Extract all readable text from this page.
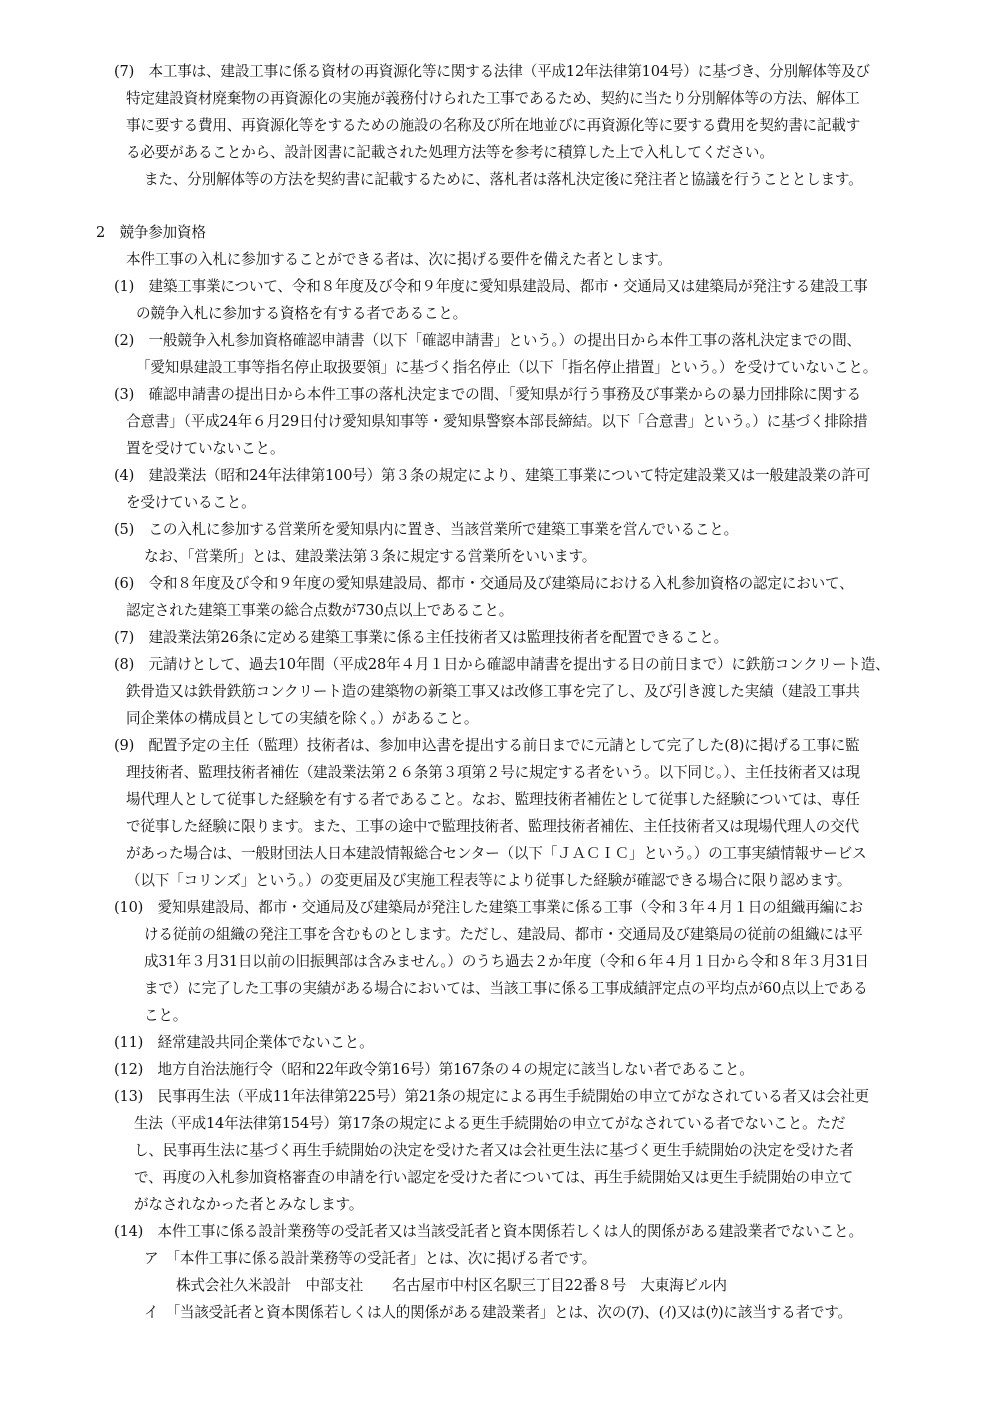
(7)　本工事は、建設工事に係る資材の再資源化等に関する法律（平成12年法律第104号）に基づき、分別解体等及び
特定建設資材廃棄物の再資源化の実施が義務付けられた工事であるため、契約に当たり分別解体等の方法、解体工
事に要する費用、再資源化等をするための施設の名称及び所在地並びに再資源化等に要する費用を契約書に記載す
る必要があることから、設計図書に記載された処理方法等を参考に積算した上で入札してください。
また、分別解体等の方法を契約書に記載するために、落札者は落札決定後に発注者と協議を行うこととします。
2　競争参加資格
本件工事の入札に参加することができる者は、次に掲げる要件を備えた者とします。
(1)　建築工事業について、令和８年度及び令和９年度に愛知県建設局、都市・交通局又は建築局が発注する建設工事
の競争入札に参加する資格を有する者であること。
(2)　一般競争入札参加資格確認申請書（以下「確認申請書」という。）の提出日から本件工事の落札決定までの間、
「愛知県建設工事等指名停止取扱要領」に基づく指名停止（以下「指名停止措置」という。）を受けていないこと。
(3)　確認申請書の提出日から本件工事の落札決定までの間、「愛知県が行う事務及び事業からの暴力団排除に関する
合意書」（平成24年６月29日付け愛知県知事等・愛知県警察本部長締結。以下「合意書」という。）に基づく排除措
置を受けていないこと。
(4)　建設業法（昭和24年法律第100号）第３条の規定により、建築工事業について特定建設業又は一般建設業の許可
を受けていること。
(5)　この入札に参加する営業所を愛知県内に置き、当該営業所で建築工事業を営んでいること。
なお、「営業所」とは、建設業法第３条に規定する営業所をいいます。
(6)　令和８年度及び令和９年度の愛知県建設局、都市・交通局及び建築局における入札参加資格の認定において、
認定された建築工事業の総合点数が730点以上であること。
(7)　建設業法第26条に定める建築工事業に係る主任技術者又は監理技術者を配置できること。
(8)　元請けとして、過去10年間（平成28年４月１日から確認申請書を提出する日の前日まで）に鉄筋コンクリート造、
鉄骨造又は鉄骨鉄筋コンクリート造の建築物の新築工事又は改修工事を完了し、及び引き渡した実績（建設工事共
同企業体の構成員としての実績を除く。）があること。
(9)　配置予定の主任（監理）技術者は、参加申込書を提出する前日までに元請として完了した(8)に掲げる工事に監
理技術者、監理技術者補佐（建設業法第２６条第３項第２号に規定する者をいう。以下同じ。）、主任技術者又は現
場代理人として従事した経験を有する者であること。なお、監理技術者補佐として従事した経験については、専任
で従事した経験に限ります。また、工事の途中で監理技術者、監理技術者補佐、主任技術者又は現場代理人の交代
があった場合は、一般財団法人日本建設情報総合センター（以下「ＪＡＣＩＣ」という。）の工事実績情報サービス
（以下「コリンズ」という。）の変更届及び実施工程表等により従事した経験が確認できる場合に限り認めます。
(10)　愛知県建設局、都市・交通局及び建築局が発注した建築工事業に係る工事（令和３年４月１日の組織再編にお
ける従前の組織の発注工事を含むものとします。ただし、建設局、都市・交通局及び建築局の従前の組織には平
成31年３月31日以前の旧振興部は含みません。）のうち過去２か年度（令和６年４月１日から令和８年３月31日
まで）に完了した工事の実績がある場合においては、当該工事に係る工事成績評定点の平均点が60点以上である
こと。
(11)　経常建設共同企業体でないこと。
(12)　地方自治法施行令（昭和22年政令第16号）第167条の４の規定に該当しない者であること。
(13)　民事再生法（平成11年法律第225号）第21条の規定による再生手続開始の申立てがなされている者又は会社更
生法（平成14年法律第154号）第17条の規定による更生手続開始の申立てがなされている者でないこと。ただ
し、民事再生法に基づく再生手続開始の決定を受けた者又は会社更生法に基づく更生手続開始の決定を受けた者
で、再度の入札参加資格審査の申請を行い認定を受けた者については、再生手続開始又は更生手続開始の申立て
がなされなかった者とみなします。
(14)　本件工事に係る設計業務等の受託者又は当該受託者と資本関係若しくは人的関係がある建設業者でないこと。
ア　「本件工事に係る設計業務等の受託者」とは、次に掲げる者です。
株式会社久米設計　中部支社　　名古屋市中村区名駅三丁目22番８号　大東海ビル内
イ　「当該受託者と資本関係若しくは人的関係がある建設業者」とは、次の(ｱ)、(ｲ)又は(ｳ)に該当する者です。
